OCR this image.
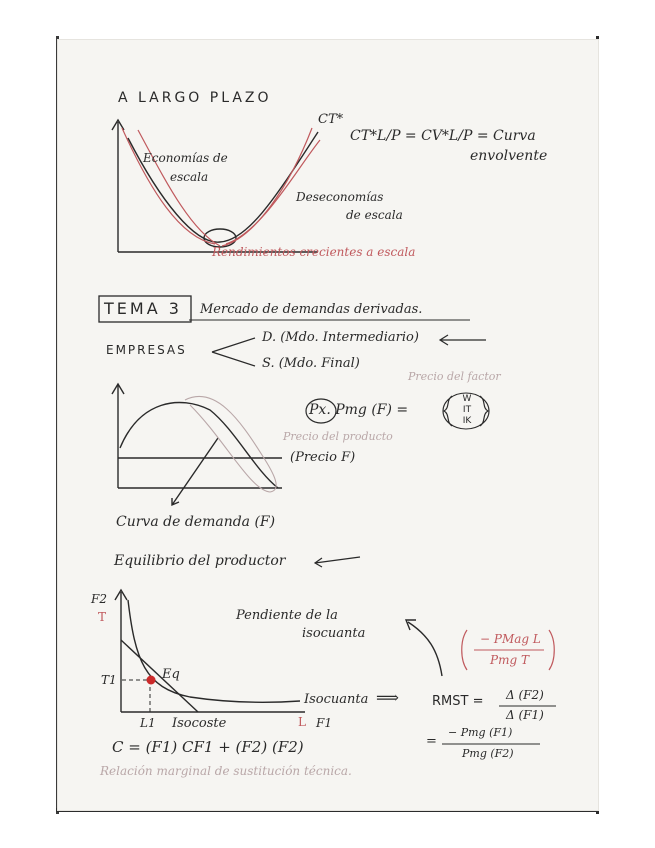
A LARGO PLAZO
CT*
CT*L/P = CV*L/P = Curva
envolvente
Economías de
escala
Deseconomías
de escala
Rendimientos crecientes a escala
TEMA 3 Mercado de demandas derivadas.
EMPRESAS
D. (Mdo. Intermediario)
S. (Mdo. Final)
Precio del factor
Px. Pmg (F) =
W
IT
IK
Precio del producto
(Precio F)
Curva de demanda (F)
Equilibrio del productor
F2
T
T1	Eq
L1 Isocoste	L F1
Pendiente de la
isocuanta	− PMag L
Pmg T
Isocuanta ⟹	RMST = Δ (F2)
Δ (F1)
=
− Pmg (F1)
Pmg (F2)
C = (F1) CF1 + (F2) (F2)
Relación marginal de sustitución técnica.
